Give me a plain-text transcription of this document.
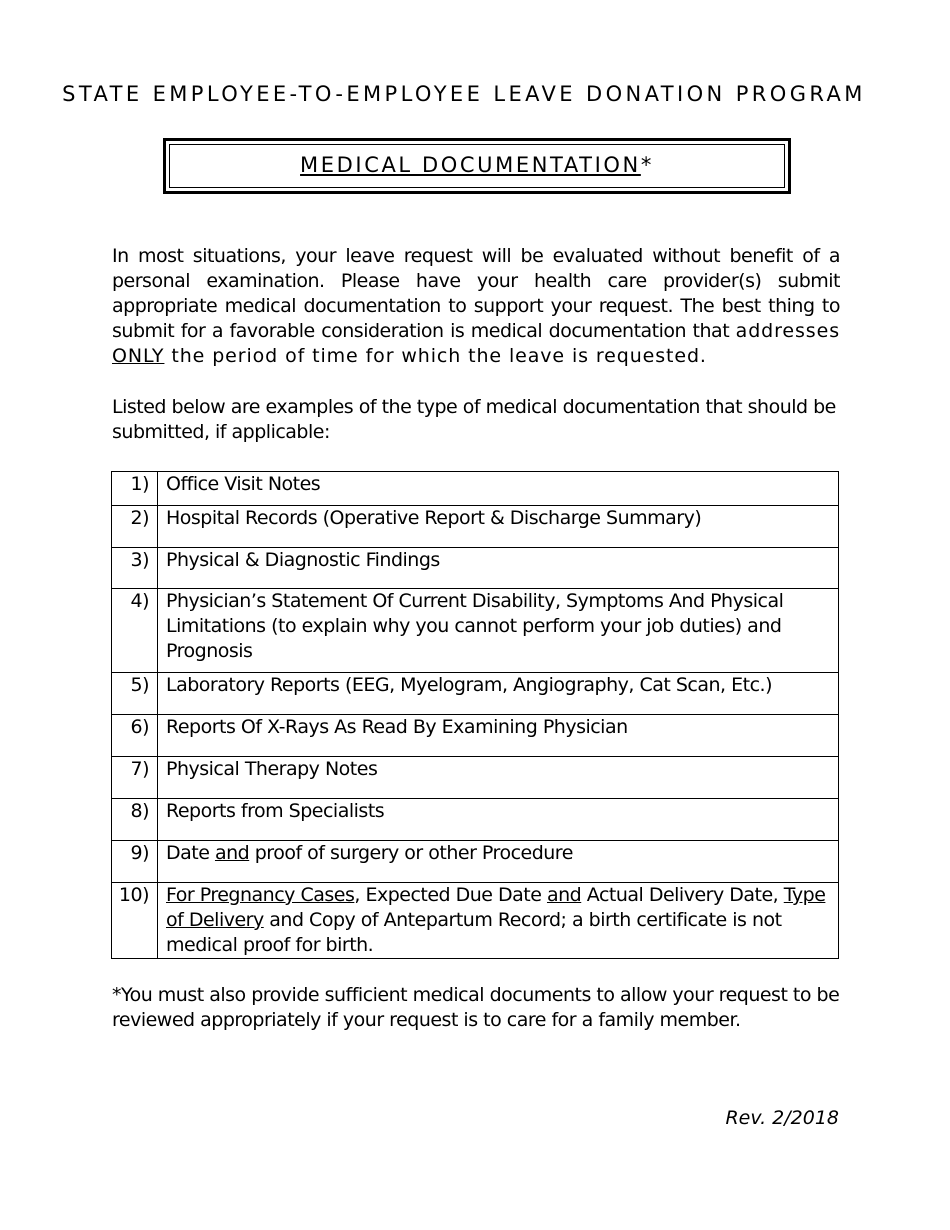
STATE EMPLOYEE-TO-EMPLOYEE LEAVE DONATION PROGRAM
MEDICAL DOCUMENTATION*
In most situations, your leave request will be evaluated without benefit of a personal examination. Please have your health care provider(s) submit appropriate medical documentation to support your request. The best thing to submit for a favorable consideration is medical documentation that addresses ONLY the period of time for which the leave is requested.
Listed below are examples of the type of medical documentation that should be submitted, if applicable:
1)	Office Visit Notes
2)	Hospital Records (Operative Report & Discharge Summary)
3)	Physical & Diagnostic Findings
4)	Physician’s Statement Of Current Disability, Symptoms And Physical Limitations (to explain why you cannot perform your job duties) and Prognosis
5)	Laboratory Reports (EEG, Myelogram, Angiography, Cat Scan, Etc.)
6)	Reports Of X-Rays As Read By Examining Physician
7)	Physical Therapy Notes
8)	Reports from Specialists
9)	Date and proof of surgery or other Procedure
10)	For Pregnancy Cases, Expected Due Date and Actual Delivery Date, Type of Delivery and Copy of Antepartum Record; a birth certificate is not medical proof for birth.
*You must also provide sufficient medical documents to allow your request to be reviewed appropriately if your request is to care for a family member.
Rev. 2/2018
